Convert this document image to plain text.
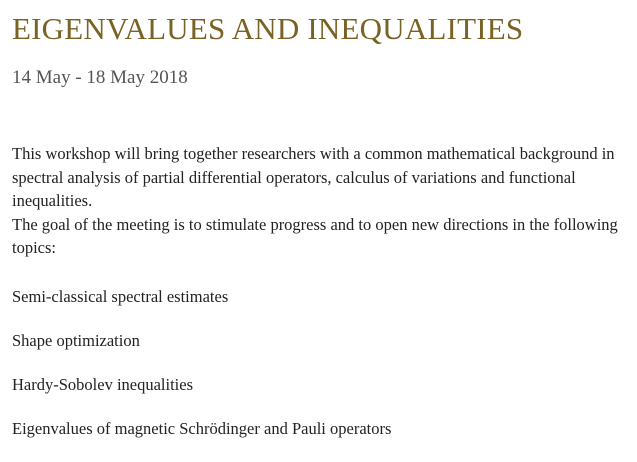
EIGENVALUES AND INEQUALITIES
14 May - 18 May 2018

This workshop will bring together researchers with a common mathematical background in spectral analysis of partial differential operators, calculus of variations and functional inequalities.

The goal of the meeting is to stimulate progress and to open new directions in the following topics:

Semi-classical spectral estimates
Shape optimization
Hardy-Sobolev inequalities
Eigenvalues of magnetic Schrödinger and Pauli operators
